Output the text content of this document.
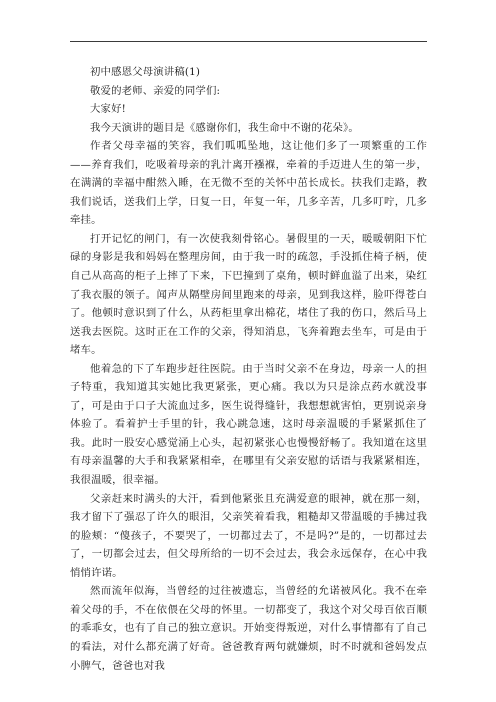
初中感恩父母演讲稿(1)

敬爱的老师、亲爱的同学们:

大家好!

我今天演讲的题目是《感谢你们，我生命中不谢的花朵》。

作者父母幸福的笑容，我们呱呱坠地，这让他们多了一项繁重的工作——养育我们，吃吸着母亲的乳汁离开襁褓，牵着的手迈进人生的第一步，在满满的幸福中酣然入睡，在无微不至的关怀中茁长成长。扶我们走路，教我们说话，送我们上学，日复一日，年复一年，几多辛苦，几多叮咛，几多牵挂。

打开记忆的闸门，有一次使我刻骨铭心。暑假里的一天，暖暖朝阳下忙碌的身影是我和妈妈在整理房间，由于我一时的疏忽，手没抓住椅子柄，使自己从高高的柜子上摔了下来，下巴撞到了桌角，顿时鲜血溢了出来，染红了我衣服的领子。闻声从隔壁房间里跑来的母亲，见到我这样，脸吓得苍白了。他顿时意识到了什么，从药柜里拿出棉花，堵住了我的伤口，然后马上送我去医院。这时正在工作的父亲，得知消息，飞奔着跑去坐车，可是由于堵车。

他着急的下了车跑步赶往医院。由于当时父亲不在身边，母亲一人的担子特重，我知道其实她比我更紧张，更心痛。我以为只是涂点药水就没事了，可是由于口子大流血过多，医生说得缝针，我想想就害怕，更别说亲身体验了。看着护士手里的针，我心跳急速，这时母亲温暖的手紧紧抓住了我。此时一股安心感觉涌上心头，起初紧张心也慢慢舒畅了。我知道在这里有母亲温馨的大手和我紧紧相牵，在哪里有父亲安慰的话语与我紧紧相连，我很温暖，很幸福。

父亲赶来时满头的大汗，看到他紧张且充满爱意的眼神，就在那一刻，我才留下了强忍了许久的眼泪，父亲笑着看我，粗糙却又带温暖的手拂过我的脸颊：“傻孩子，不要哭了，一切都过去了，不是吗?”是的，一切都过去了，一切都会过去，但父母所给的一切不会过去，我会永远保存，在心中我悄悄许诺。

然而流年似海，当曾经的过往被遗忘，当曾经的允诺被风化。我不在牵着父母的手，不在依偎在父母的怀里。一切都变了，我这个对父母百依百顺的乖乖女，也有了自己的独立意识。开始变得叛逆，对什么事情都有了自己的看法，对什么都充满了好奇。爸爸教育两句就嫌烦，时不时就和爸妈发点小脾气，爸爸也对我
